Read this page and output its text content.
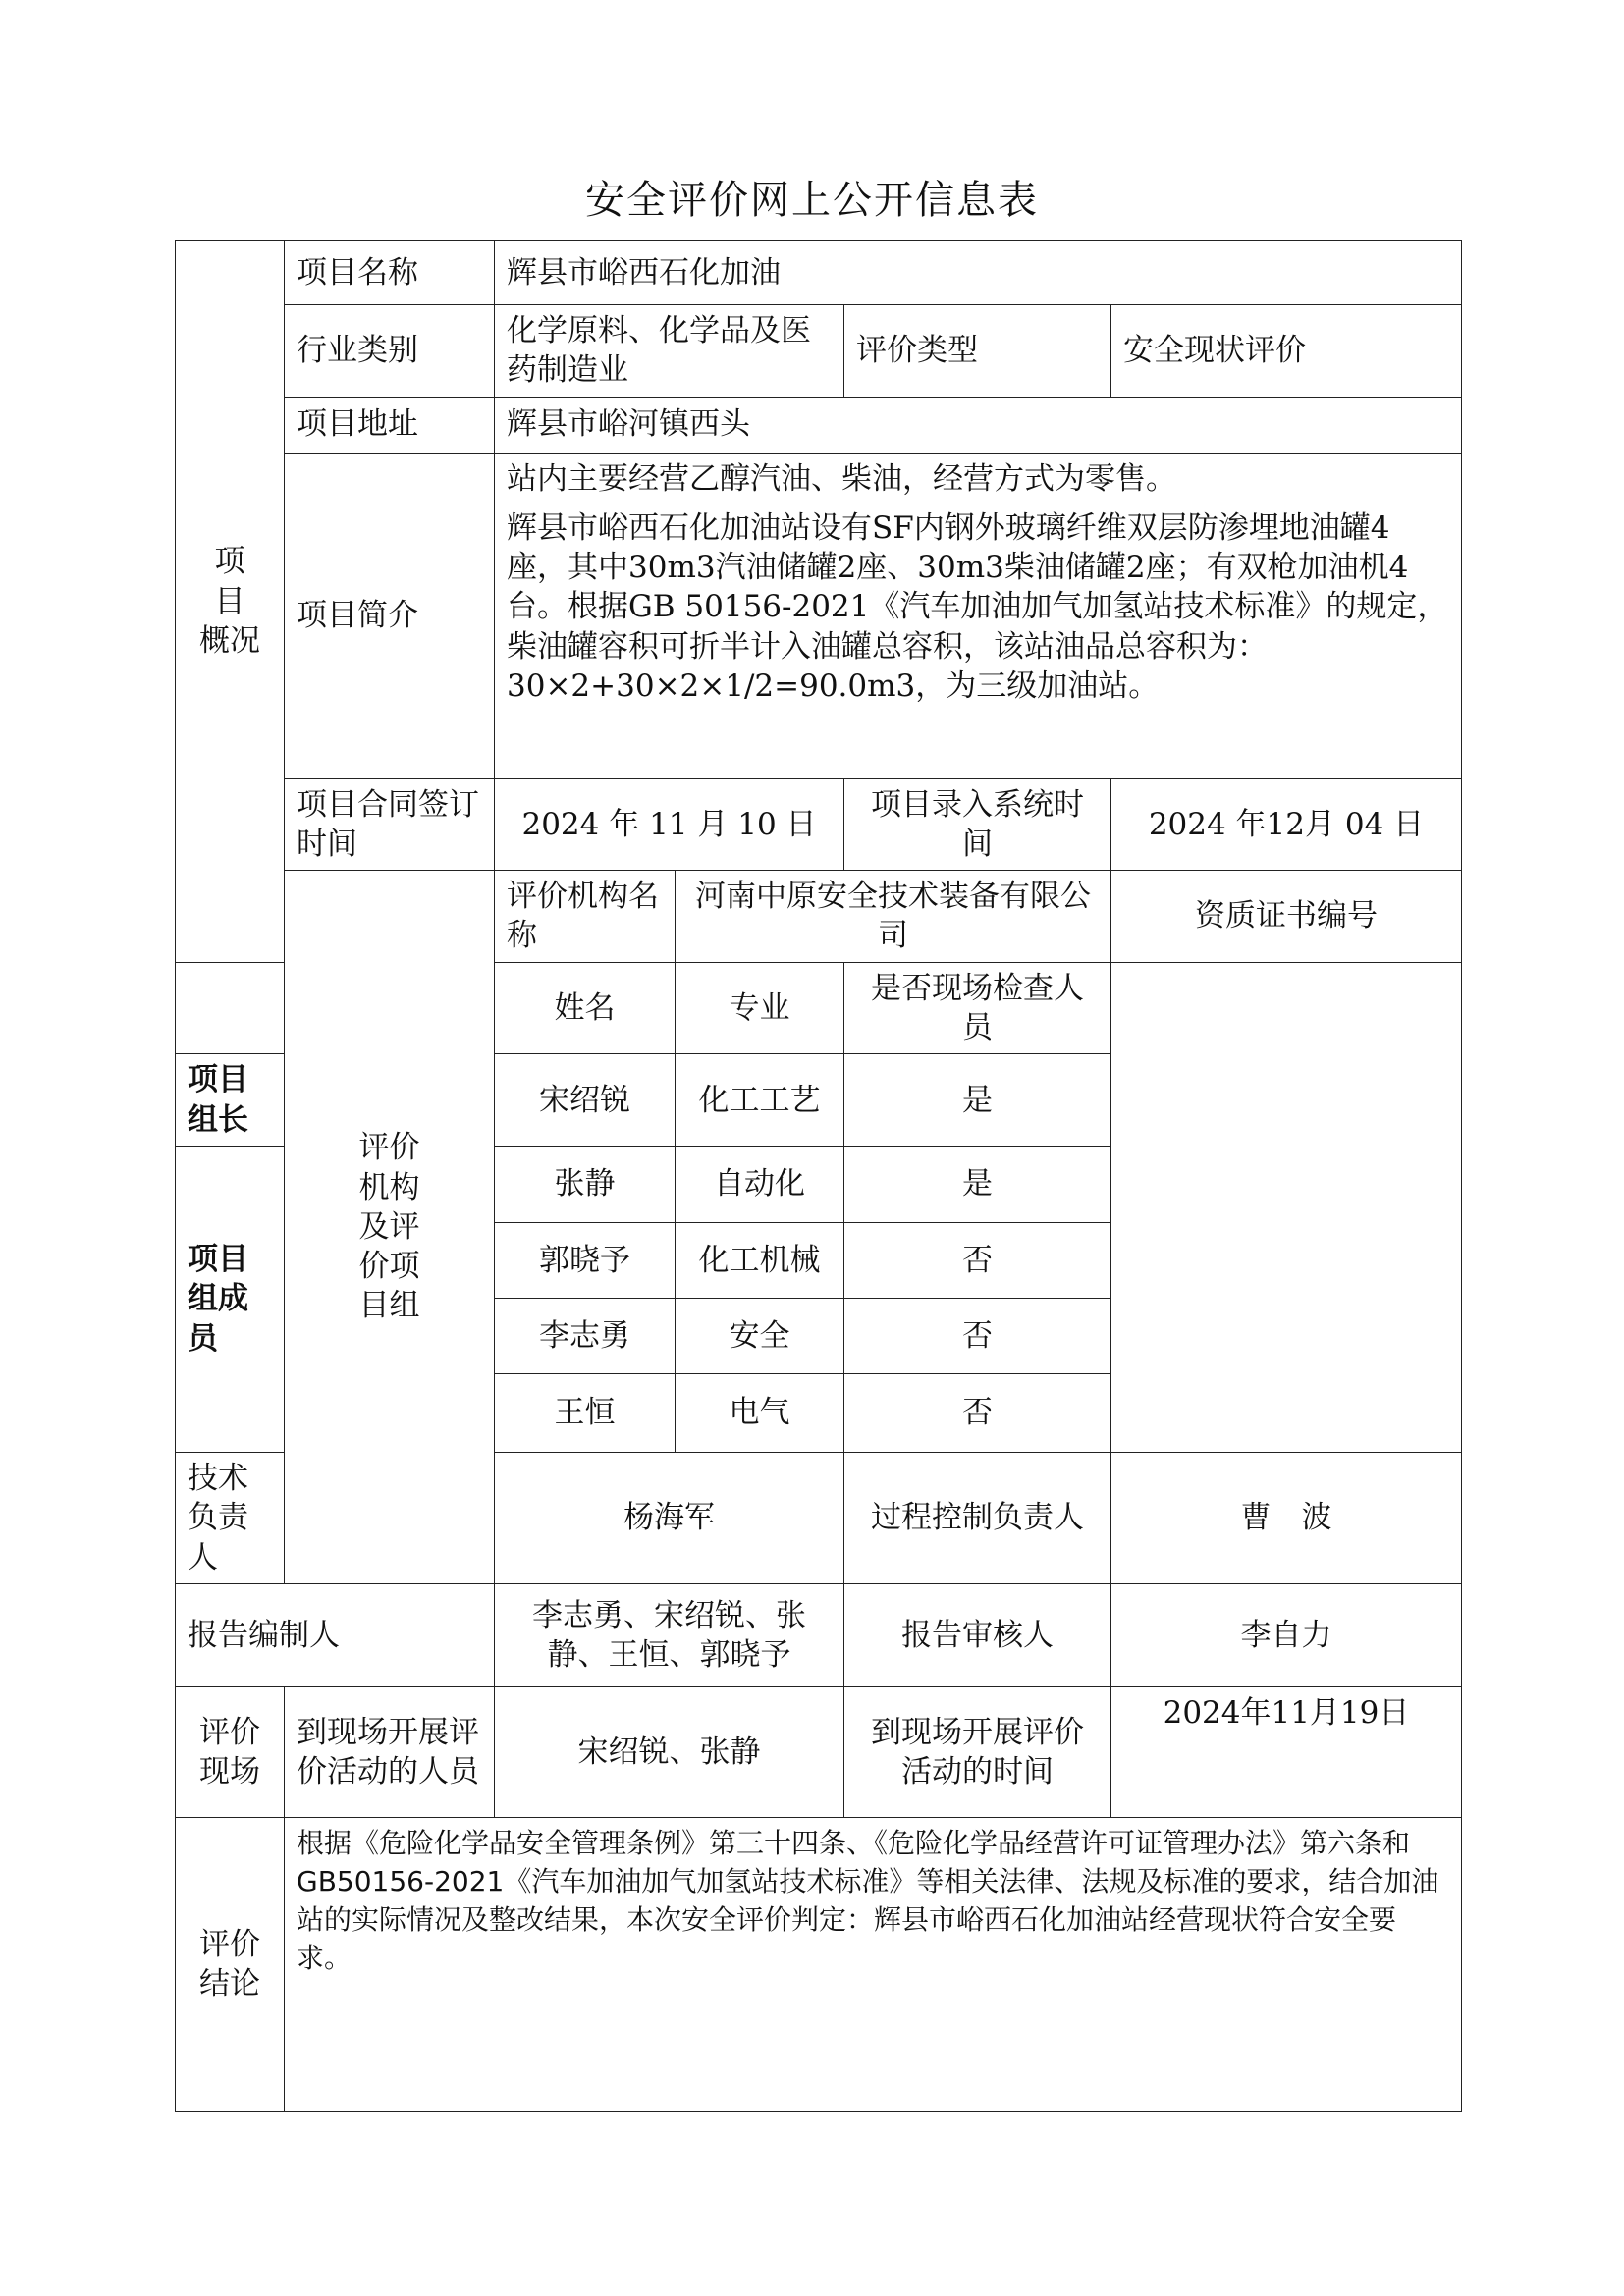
安全评价网上公开信息表
项　目
概况	项目名称	辉县市峪西石化加油				
	行业类别	化学原料、化学品及医药制造业		评价类型	安全现状评价	
	项目地址	辉县市峪河镇西头				
	项目简介	站内主要经营乙醇汽油、柴油，经营方式为零售。

辉县市峪西石化加油站设有SF内钢外玻璃纤维双层防渗埋地油罐4座，其中30m3汽油储罐2座、30m3柴油储罐2座；有双枪加油机4台。根据GB 50156-2021《汽车加油加气加氢站技术标准》的规定，柴油罐容积可折半计入油罐总容积，该站油品总容积为：30×2+30×2×1/2=90.0m3，为三级加油站。				

	项目合同签订时间	2024 年 11 月 10 日		项目录入系统时间	2024 年12月 04 日	

	评价
机构
及评
价项
目组	评价机构名称	河南中原安全技术装备有限公司		资质证书编号	
		姓名	专业	是否现场检查人员		
项目组长		宋绍锐	化工工艺	是		
项目组成员		张静	自动化	是		
		郭晓予	化工机械	否		
		李志勇	安全	否		
		王恒	电气	否		
技术负责人		杨海军		过程控制负责人	曹　波	
报告编制人		李志勇、宋绍锐、张静、王恒、郭晓予		报告审核人	李自力	

评价
现场	到现场开展评价活动的人员	宋绍锐、张静		到现场开展评价活动的时间	2024年11月19日	

评价
结论	根据《危险化学品安全管理条例》第三十四条、《危险化学品经营许可证管理办法》第六条和 GB50156-2021《汽车加油加气加氢站技术标准》等相关法律、法规及标准的要求，结合加油站的实际情况及整改结果，本次安全评价判定：辉县市峪西石化加油站经营现状符合安全要求。					
